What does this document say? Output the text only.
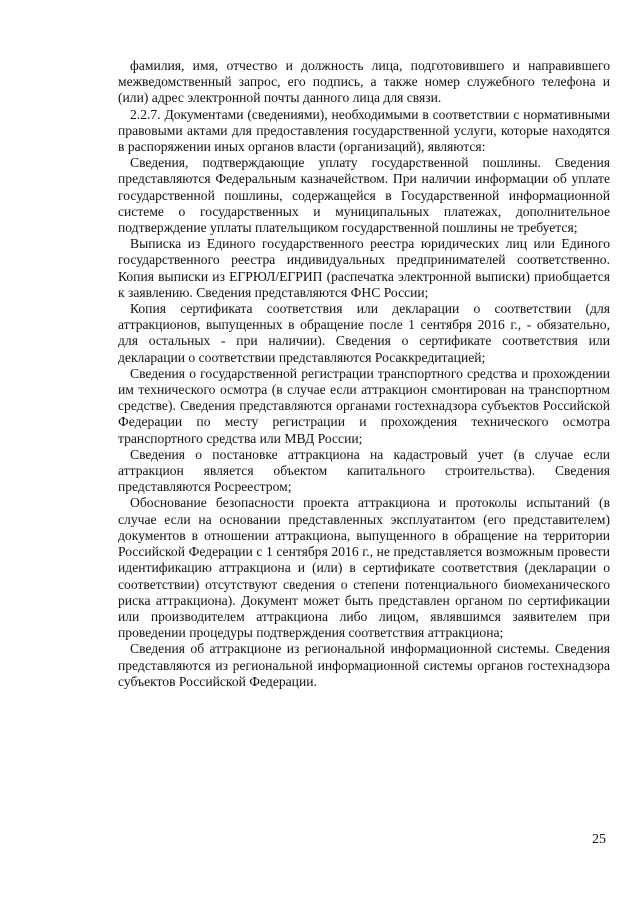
фамилия, имя, отчество и должность лица, подготовившего и направившего межведомственный запрос, его подпись, а также номер служебного телефона и (или) адрес электронной почты данного лица для связи.

2.2.7. Документами (сведениями), необходимыми в соответствии с нормативными правовыми актами для предоставления государственной услуги, которые находятся в распоряжении иных органов власти (организаций), являются:

Сведения, подтверждающие уплату государственной пошлины. Сведения представляются Федеральным казначейством. При наличии информации об уплате государственной пошлины, содержащейся в Государственной информационной системе о государственных и муниципальных платежах, дополнительное подтверждение уплаты плательщиком государственной пошлины не требуется;

Выписка из Единого государственного реестра юридических лиц или Единого государственного реестра индивидуальных предпринимателей соответственно. Копия выписки из ЕГРЮЛ/ЕГРИП (распечатка электронной выписки) приобщается к заявлению. Сведения представляются ФНС России;

Копия сертификата соответствия или декларации о соответствии (для аттракционов, выпущенных в обращение после 1 сентября 2016 г., - обязательно, для остальных - при наличии). Сведения о сертификате соответствия или декларации о соответствии представляются Росаккредитацией;

Сведения о государственной регистрации транспортного средства и прохождении им технического осмотра (в случае если аттракцион смонтирован на транспортном средстве). Сведения представляются органами гостехнадзора субъектов Российской Федерации по месту регистрации и прохождения технического осмотра транспортного средства или МВД России;

Сведения о постановке аттракциона на кадастровый учет (в случае если аттракцион является объектом капитального строительства). Сведения представляются Росреестром;

Обоснование безопасности проекта аттракциона и протоколы испытаний (в случае если на основании представленных эксплуатантом (его представителем) документов в отношении аттракциона, выпущенного в обращение на территории Российской Федерации с 1 сентября 2016 г., не представляется возможным провести идентификацию аттракциона и (или) в сертификате соответствия (декларации о соответствии) отсутствуют сведения о степени потенциального биомеханического риска аттракциона). Документ может быть представлен органом по сертификации или производителем аттракциона либо лицом, являвшимся заявителем при проведении процедуры подтверждения соответствия аттракциона;

Сведения об аттракционе из региональной информационной системы. Сведения представляются из региональной информационной системы органов гостехнадзора субъектов Российской Федерации.

25
